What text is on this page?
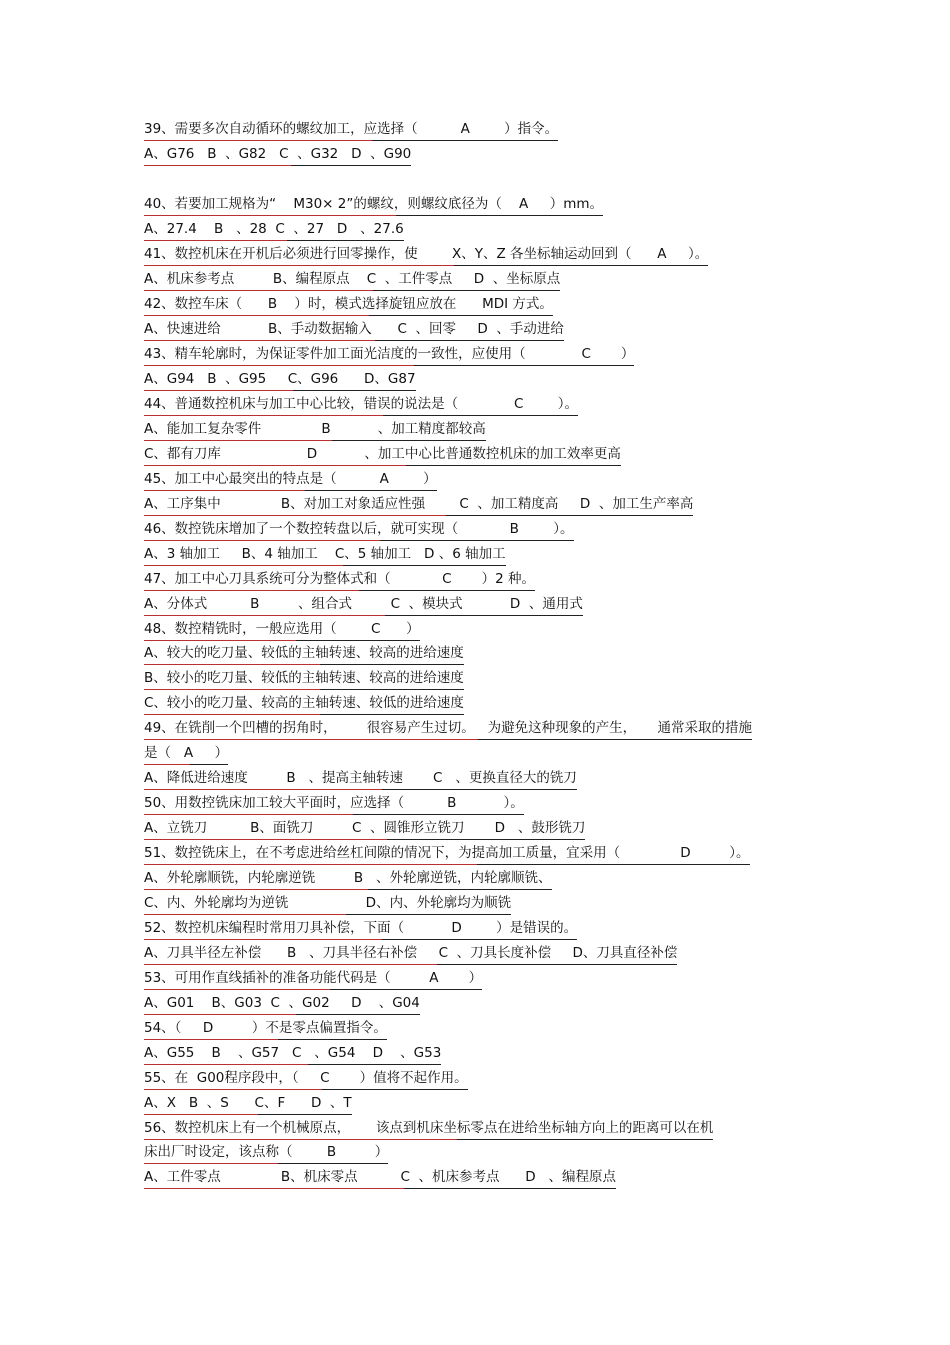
39、需要多次自动循环的螺纹加工，应选择（          A        ）指令。
A、G76   B  、G82   C  、G32   D  、G90
40、若要加工规格为“    M30× 2”的螺纹，则螺纹底径为（    A     ）mm。
A、27.4    B   、28  C  、27   D   、27.6
41、数控机床在开机后必须进行回零操作，使        X、Y、Z 各坐标轴运动回到（      A     ）。
A、机床参考点         B、编程原点    C  、工件零点     D  、坐标原点
42、数控车床（      B    ）时，模式选择旋钮应放在      MDI 方式。
A、快速进给           B、手动数据输入      C  、回零     D  、手动进给
43、精车轮廓时，为保证零件加工面光洁度的一致性，应使用（             C       ）
A、G94   B  、G95     C、G96      D、G87
44、普通数控机床与加工中心比较，错误的说法是（             C        ）。
A、能加工复杂零件              B           、加工精度都较高
C、都有刀库                    D           、加工中心比普通数控机床的加工效率更高
45、加工中心最突出的特点是（          A        ）
A、工序集中              B、对加工对象适应性强        C  、加工精度高     D  、加工生产率高
46、数控铣床增加了一个数控转盘以后，就可实现（            B        ）。
A、3 轴加工     B、4 轴加工    C、5 轴加工   D 、6 轴加工
47、加工中心刀具系统可分为整体式和（            C       ）2 种。
A、分体式          B         、组合式         C  、模块式           D  、通用式
48、数控精铣时，一般应选用（        C      ）
A、较大的吃刀量、较低的主轴转速、较高的进给速度
B、较小的吃刀量、较低的主轴转速、较高的进给速度
C、较小的吃刀量、较高的主轴转速、较低的进给速度
49、在铣削一个凹槽的拐角时，       很容易产生过切。   为避免这种现象的产生，     通常采取的措施
是（   A     ）
A、降低进给速度         B   、提高主轴转速       C   、更换直径大的铣刀
50、用数控铣床加工较大平面时，应选择（          B           ）。
A、立铣刀          B、面铣刀         C  、圆锥形立铣刀       D   、鼓形铣刀
51、数控铣床上，在不考虑进给丝杠间隙的情况下，为提高加工质量，宜采用（              D         ）。
A、外轮廓顺铣，内轮廓逆铣         B   、外轮廓逆铣，内轮廓顺铣、
C、内、外轮廓均为逆铣                  D、内、外轮廓均为顺铣
52、数控机床编程时常用刀具补偿，下面（           D        ）是错误的。
A、刀具半径左补偿      B   、刀具半径右补偿     C  、刀具长度补偿     D、刀具直径补偿
53、可用作直线插补的准备功能代码是（         A       ）
A、G01    B、G03  C  、G02     D    、G04
54、（     D         ）不是零点偏置指令。
A、G55    B    、G57   C   、G54    D    、G53
55、在  G00程序段中，（     C       ）值将不起作用。
A、X   B  、S      C、F      D  、T
56、数控机床上有一个机械原点，      该点到机床坐标零点在进给坐标轴方向上的距离可以在机
床出厂时设定，该点称（        B         ）
A、工件零点              B、机床零点          C  、机床参考点      D   、编程原点
